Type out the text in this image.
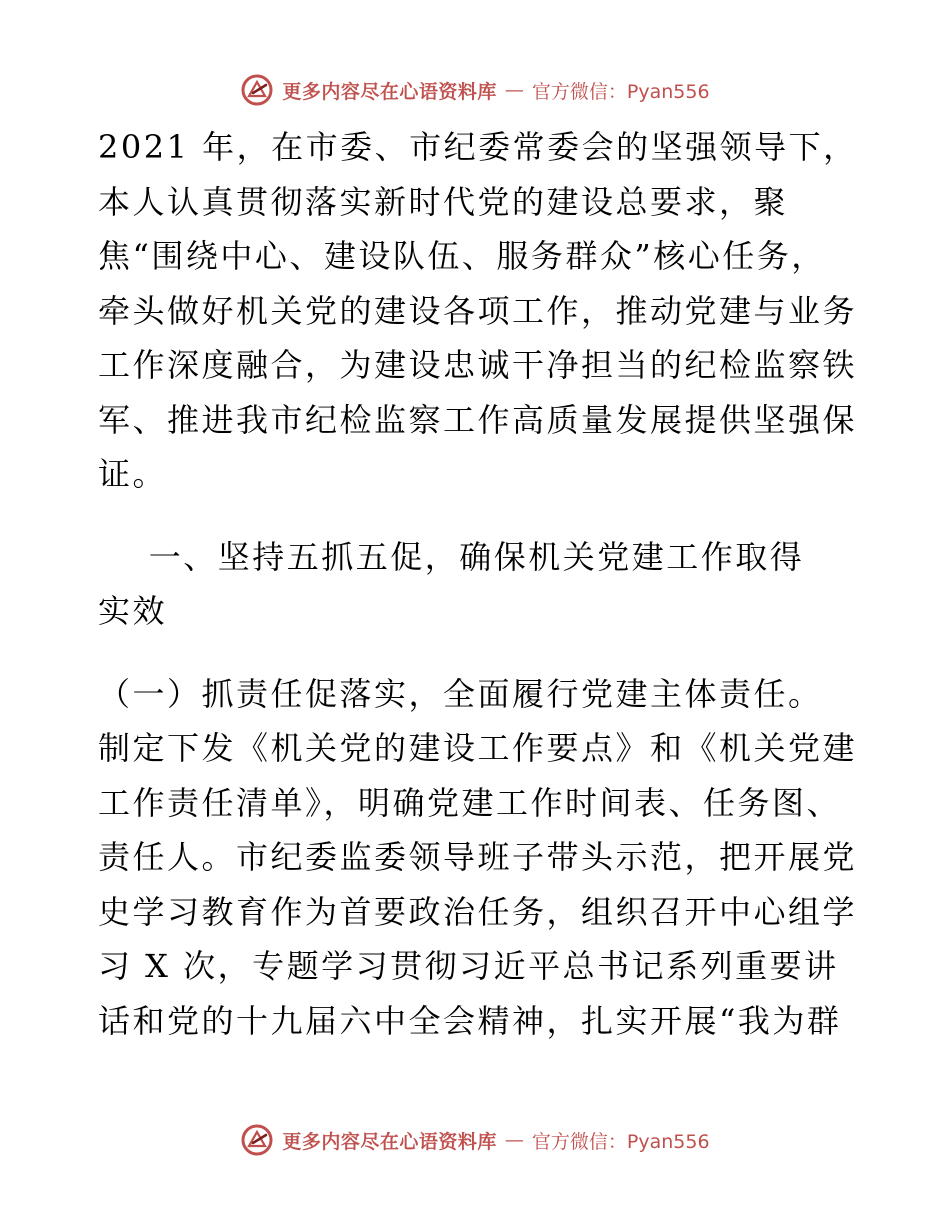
更多内容尽在心语资料库 — 官方微信：Pyan556
2021 年，在市委、市纪委常委会的坚强领导下，
本人认真贯彻落实新时代党的建设总要求，聚
焦“围绕中心、建设队伍、服务群众”核心任务，
牵头做好机关党的建设各项工作，推动党建与业务
工作深度融合，为建设忠诚干净担当的纪检监察铁
军、推进我市纪检监察工作高质量发展提供坚强保
证。
一、坚持五抓五促，确保机关党建工作取得
实效
（一）抓责任促落实，全面履行党建主体责任。
制定下发《机关党的建设工作要点》和《机关党建
工作责任清单》，明确党建工作时间表、任务图、
责任人。市纪委监委领导班子带头示范，把开展党
史学习教育作为首要政治任务，组织召开中心组学
习 X 次，专题学习贯彻习近平总书记系列重要讲
话和党的十九届六中全会精神，扎实开展“我为群
更多内容尽在心语资料库 — 官方微信：Pyan556
